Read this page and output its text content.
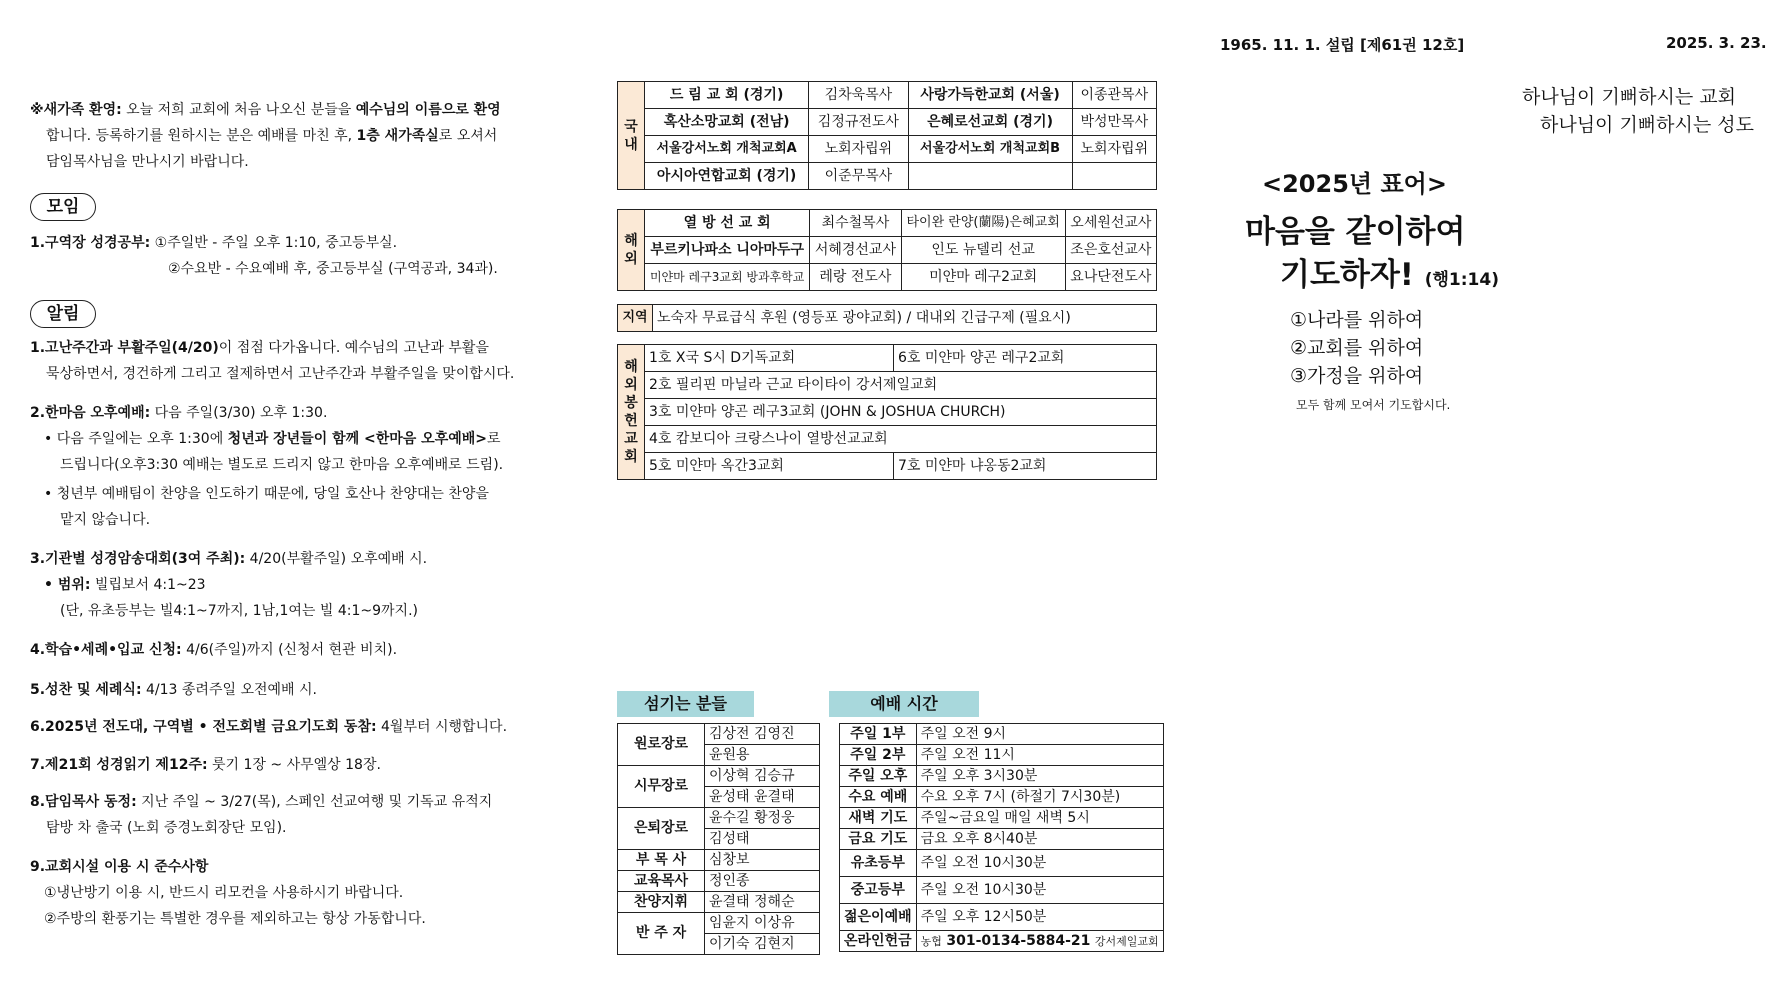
1965. 11. 1. 설립 [제61권 12호]	2025. 3. 23.
※새가족 환영: 오늘 저희 교회에 처음 나오신 분들을 예수님의 이름으로 환영
합니다. 등록하기를 원하시는 분은 예배를 마친 후, 1층 새가족실로 오셔서
담임목사님을 만나시기 바랍니다.
모임
1.구역장 성경공부: ①주일반 - 주일 오후 1:10, 중고등부실.
②수요반 - 수요예배 후, 중고등부실 (구역공과, 34과).
알림
1.고난주간과 부활주일(4/20)이 점점 다가옵니다. 예수님의 고난과 부활을
묵상하면서, 경건하게 그리고 절제하면서 고난주간과 부활주일을 맞이합시다.
2.한마음 오후예배: 다음 주일(3/30) 오후 1:30.
• 다음 주일에는 오후 1:30에 청년과 장년들이 함께 <한마음 오후예배>로
드립니다(오후3:30 예배는 별도로 드리지 않고 한마음 오후예배로 드림).
• 청년부 예배팀이 찬양을 인도하기 때문에, 당일 호산나 찬양대는 찬양을
맡지 않습니다.
3.기관별 성경암송대회(3여 주최): 4/20(부활주일) 오후예배 시.
• 범위: 빌립보서 4:1~23
(단, 유초등부는 빌4:1~7까지, 1남,1여는 빌 4:1~9까지.)
4.학습•세례•입교 신청: 4/6(주일)까지 (신청서 현관 비치).
5.성찬 및 세례식: 4/13 종려주일 오전예배 시.
6.2025년 전도대, 구역별 • 전도회별 금요기도회 동참: 4월부터 시행합니다.
7.제21회 성경읽기 제12주: 룻기 1장 ~ 사무엘상 18장.
8.담임목사 동정: 지난 주일 ~ 3/27(목), 스페인 선교여행 및 기독교 유적지
탐방 차 출국 (노회 증경노회장단 모임).
9.교회시설 이용 시 준수사항
①냉난방기 이용 시, 반드시 리모컨을 사용하시기 바랍니다.
②주방의 환풍기는 특별한 경우를 제외하고는 항상 가동합니다.
국내	드 림 교 회 (경기)	김차욱목사	사랑가득한교회 (서울)	이종관목사
	혹산소망교회 (전남)	김정규전도사	은혜로선교회 (경기)	박성만목사
	서울강서노회 개척교회A	노회자립위	서울강서노회 개척교회B	노회자립위
	아시아연합교회 (경기)	이준무목사		
해외	열 방 선 교 회	최수철목사	타이완 란양(蘭陽)은혜교회	오세원선교사
	부르키나파소 니아마두구	서혜경선교사	인도 뉴델리 선교	조은호선교사
	미얀마 레구3교회 방과후학교	레랑 전도사	미얀마 레구2교회	요나단전도사
지역	노숙자 무료급식 후원 (영등포 광야교회) / 대내외 긴급구제 (필요시)
해외봉헌교회	1호 X국 S시 D기독교회	6호 미얀마 양곤 레구2교회
	2호 필리핀 마닐라 근교 타이타이 강서제일교회	
	3호 미얀마 양곤 레구3교회 (JOHN & JOSHUA CHURCH)	
	4호 캄보디아 크랑스나이 열방선교교회	
	5호 미얀마 옥간3교회	7호 미얀마 냐옹동2교회
섬기는 분들
원로장로	김상전 김영진
	윤원용
시무장로	이상혁 김승규
	윤성태 윤결태
은퇴장로	윤수길 황정웅
	김성태
부 목 사	심창보
교육목사	정인종
찬양지휘	윤결태 정해순
반 주 자	임윤지 이상유
	이기숙 김현지
예배 시간
주일 1부	주일 오전 9시
주일 2부	주일 오전 11시
주일 오후	주일 오후 3시30분
수요 예배	수요 오후 7시 (하절기 7시30분)
새벽 기도	주일~금요일 매일 새벽 5시
금요 기도	금요 오후 8시40분
유초등부	주일 오전 10시30분
중고등부	주일 오전 10시30분
젊은이예배	주일 오후 12시50분
온라인헌금	농협 301-0134-5884-21 강서제일교회
하나님이 기뻐하시는 교회
하나님이 기뻐하시는 성도
<2025년 표어>
마음을 같이하여
기도하자! (행1:14)
①나라를 위하여
②교회를 위하여
③가정을 위하여
모두 함께 모여서 기도합시다.
